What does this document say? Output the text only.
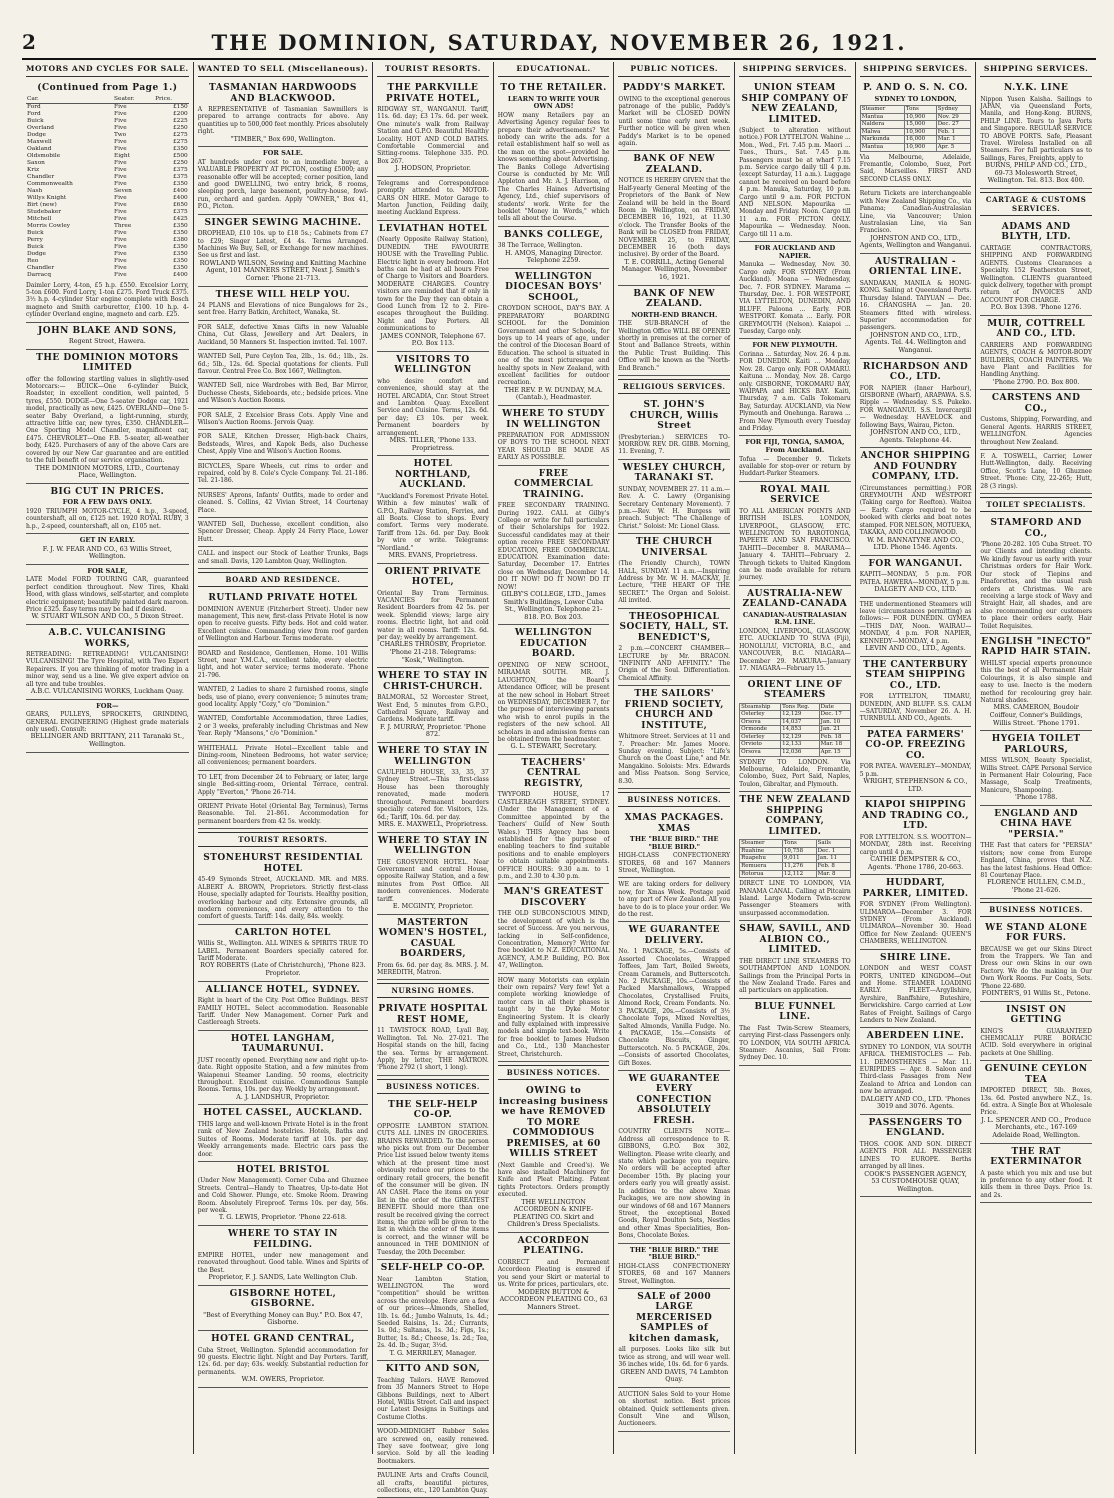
2	THE DOMINION, SATURDAY, NOVEMBER 26, 1921.
MOTORS AND CYCLES FOR SALE.
(Continued from Page 1.)
Car.	Seater.	Price.
Ford	Five	£150
Ford	Five	£200
Buick	Five	£225
Overland	Five	£250
Dodge	Two	£275
Maxwell	Five	£275
Oakland	Five	£350
Oldsmobile	Eight	£500
Saxon	Five	£250
Kriz	Five	£375
Chandler	Five	£375
Commonwealth	Five	£350
Nash	Seven	£400
Willys Knight	Five	£400
Birt (new)	Five	£650
Studebaker	Five	£375
Mitchell	Five	£425
Morris Cowley	Three	£350
Buick	Five	£350
Perry	Five	£380
Buick	Five	£350
Dodge	Five	£350
Reo	Five	£350
Chandler	Five	£350
Darracq	Five	£400
Daimler Lorry, 4-ton, £5 h.p. £550. Excelsior Lorry, 5-ton £600. Ford Lorry, 1-ton £275. Ford Truck £375. 3½ h.p. 4-cylinder Star engine complete with Bosch magneto and Smith carburettor, £100. 10 h.p. 4-cylinder Overland engine, magneto and carb. £25.
JOHN BLAKE AND SONS,
Regent Street, Hawera.
THE DOMINION MOTORS LIMITED
offer the following startling values in slightly-used Motorcars:— BUICK—One 6-cylinder Buick, Roadster, in excellent condition, well painted, 5 tyres, £550. DODGE—One 5-seater Dodge car, 1921 model, practically as new, £425. OVERLAND—One 5-seater Baby Overland, a light-running, sturdy, attractive little car, new tyres, £350. CHANDLER—One Sporting Model Chandler, magnificent car, £475. CHEVROLET—One F.B. 5-seater, all-weather body, £425. Purchasers of any of the above Cars are covered by our New Car guarantee and are entitled to the full benefit of our service organisation.
THE DOMINION MOTORS, LTD., Courtenay Place, Wellington.
BIG CUT IN PRICES.
FOR A FEW DAYS ONLY.
1920 TRIUMPH MOTOR-CYCLE, 4 h.p., 3-speed, countershaft, all on, £125 net. 1920 ROYAL RUBY, 3 h.p., 2-speed, countershaft, all on, £105 net.
GET IN EARLY.
F. J. W. FEAR AND CO., 63 Willis Street, Wellington.
FOR SALE,
LATE Model FORD TOURING CAR, guaranteed perfect condition throughout. New Tires, Khaki Hood, with glass windows, self-starter, and complete electric equipment; beautifully painted dark maroon. Price £325. Easy terms may be had if desired.
W. STUART WILSON AND CO., 5 Dixon Street.
A.B.C. VULCANISING WORKS,
RETREADING: RETREADING! VULCANISING! VULCANISING! The Tyre Hospital, with Two Expert Repairers. If you are thinking of motor trading in a minor way, send us a line. We give expert advice on all tyre and tube troubles.
A.B.C. VULCANISING WORKS, Luckham Quay.
FOR—
GEARS, PULLEYS, SPROCKETS, GRINDING, GENERAL ENGINEERING (Highest grade materials only used). Consult:
BELLINGER AND BRITTANY, 211 Taranaki St., Wellington.
WANTED TO SELL (Miscellaneous).
TASMANIAN HARDWOODS AND BLACKWOOD.
A REPRESENTATIVE of Tasmanian Sawmillers is prepared to arrange contracts for above. Any quantities up to 500,000 feet monthly. Prices absolutely right.
"TIMBER," Box 690, Wellington.
FOR SALE.
AT hundreds under cost to an immediate buyer, a VALUABLE PROPERTY AT PICTON, costing £5000; any reasonable offer will be accepted; corner position, land and good DWELLING, two entry brick, 8 rooms, sleeping porch, large basement, poultry-house, fowl-run, orchard and garden. Apply "OWNER," Box 41, P.O., Picton.
SINGER SEWING MACHINE.
DROPHEAD, £10 10s. up to £18 5s.; Cabinets from £7 to £29; Singer Latest, £4 4s. Terms Arranged. Machines We Buy, Sell, or Exchange for new machines. See us first and last.
ROWLAND WILSON, Sewing and Knitting Machine Agent, 101 MANNERS STREET, Next J. Smith's Corner. 'Phone 21-713.
THESE WILL HELP YOU.
24 PLANS and Elevations of nice Bungalows for 2s., sent free. Harry Batkin, Architect, Wanaka, St.
FOR SALE, defective Xmas Gifts in new Valuable China, Cut Glass, Jewellery and Art Dealers, in Auckland, 50 Manners St. Inspection invited. Tel. 1007.
WANTED Sell, Pure Ceylon Tea, 2lb., 1s. 6d.; 1lb., 2s. 6d.; 5lb., 12s. 6d. Special quotations for clients. Full flavour. Central Free Co. Box 1667, Wellington.
WANTED Sell, nice Wardrobes with Bed, Bar Mirror, Duchesse Chests, Sideboards, etc.; bedside prices. Vine and Wilson's Auction Rooms.
FOR SALE, 2 Excelsior Brass Cots. Apply Vine and Wilson's Auction Rooms. Jervois Quay.
FOR SALE, Kitchen Dresser, High-back Chairs, Bedsteads, Wires, and Kapok Beds, also Duchesse Chest, Apply Vine and Wilson's Auction Rooms.
BICYCLES, Spare Wheels, cut rims to order and repaired, cold by 8. Cole's Cycle Company. Tel. 21-186. Tel. 21-186.
NURSES' Aprons, Infants' Outfits, made to order and cleaned. S. Collins, 42 Vivian Street, 14 Courtenay Place.
WANTED Sell, Duchesse, excellent condition, also Spencer Dresser, Cheap. Apply 24 Ferry Place, Lower Hutt.
CALL and inspect our Stock of Leather Trunks, Bags and small. Davis, 120 Lambton Quay, Wellington.
BOARD AND RESIDENCE.
RUTLAND PRIVATE HOTEL
DOMINION AVENUE (Fitzherbert Street). Under new management, This new, first-class Private Hotel is now open to receive guests. Fifty beds. Hot and cold water. Excellent cuisine. Commanding view from roof garden of Wellington and Harbour. Terms moderate.
BOARD and Residence, Gentlemen, Home. 101 Willis Street, near Y.M.C.A., excellent table, every electric light, and hot water service; terms moderate. 'Phone 21-796.
WANTED, 2 Ladies to share 2 furnished rooms, single beds, use of piano, every convenience; 5 minutes tram; good locality. Apply "Cozy," c/o "Dominion."
WANTED, Comfortable Accommodation, three Ladies, 2 or 3 weeks, preferably including Christmas and New Year. Reply "Mansons," c/o "Dominion."
WHITEHALL Private Hotel—Excellent table and Dining-room, Nineteen Bedrooms, hot water service; all conveniences; permanent boarders.
TO LET, from December 24 to February, or later, large single Bed-sitting-room, Oriental Terrace, central. Apply "Everton," 'Phone 26-714.
ORIENT Private Hotel (Oriental Bay, Terminus), Terms Reasonable. Tel. 21-861. Accommodation for permanent boarders from 42 5s. weekly.
TOURIST RESORTS.
STONEHURST RESIDENTIAL HOTEL
45-49 Symonds Street, AUCKLAND. MR. and MRS. ALBERT A. BROWN, Proprietors. Strictly first-class House, specially adapted for Tourists. Healthy position, overlooking harbour and city. Extensive grounds, all modern conveniences, and every attention to the comfort of guests. Tariff: 14s. daily, 84s. weekly.
CARLTON HOTEL
Willis St., Wellington. ALL WINES & SPIRITS TRUE TO LABEL. Permanent Boarders specially catered for. Tariff Moderate.
ROY ROBERTS (Late of Christchurch), 'Phone 823. Proprietor.
ALLIANCE HOTEL, SYDNEY.
Right in heart of the City. Post Office Buildings. BEST FAMILY HOTEL. Select accommodation. Reasonable Tariff. Under New Management. Corner Park and Castlereagh Streets.
HOTEL LANGHAM, TAUMARUNUI.
JUST recently opened. Everything new and right up-to-date. Right opposite Station, and a few minutes from Waiapenui Steamer Landing. 50 rooms, electricity throughout. Excellent cuisine. Commodious Sample Rooms. Terms, 10s. per day. Weekly by arrangement.
A. J. LANDSHUR, Proprietor.
HOTEL CASSEL, AUCKLAND.
THIS large and well-known Private Hotel is in the front rank of New Zealand hostelries. Hotels, Baths and Suites of Rooms. Moderate tariff at 10s. per day. Weekly arrangements made. Electric cars pass the door.
HOTEL BRISTOL
(Under New Management). Corner Cuba and Ghuznee Streets. Central—Handy to Theatres, Up-to-date Hot and Cold Shower. Plunge, etc. Smoke Room. Drawing Room. Absolutely Fireproof. Terms 10s. per day, 56s. per week.
T. G. LEWIS, Proprietor. 'Phone 22-618.
WHERE TO STAY IN FEILDING.
EMPIRE HOTEL, under new management and renovated throughout. Good table. Wines and Spirits of the Best.
Proprietor, F. J. SANDS, Late Wellington Club.
GISBORNE HOTEL, GISBORNE.
"Best of Everything Money can Buy." P.O. Box 47, Gisborne.
HOTEL GRAND CENTRAL,
Cuba Street, Wellington. Splendid accommodation for 90 guests. Electric light. Night and Day Porters. Tariff, 12s. 6d. per day; 63s. weekly. Substantial reduction for permanents.
W.M. OWERS, Proprietor.
TOURIST RESORTS.
THE PARKVILLE PRIVATE HOTEL,
RIDGWAY ST., WANGANUI. Tariff, 11s. 6d. day; £3 17s. 6d. per week. One minute's walk from Railway Station and G.P.O. Beautiful Healthy Locality. HOT AND COLD BATHS. Comfortable Commercial and Sitting-rooms. Telephone 335. P.O. Box 267.
J. HODSON, Proprietor.
Telegrams and Correspondence promptly attended to. MOTOR-CARS ON HIRE. Motor Garage to Marton Junction, Feilding daily, meeting Auckland Express.
LEVIATHAN HOTEL
(Nearly Opposite Railway Station), DUNEDIN. THE FAVOURITE HOUSE with the Travelling Public. Electric light in every bedroom. Hot baths can be had at all hours Free of Charge to Visitors and Boarders. MODERATE CHARGES. Country visitors are reminded that if only in town for the Day they can obtain a Good Lunch from 12 to 2. Fire-escapes throughout the Building. Night and Day Porters. All communications to
JAMES CONNOR, Telephone 67. P.O. Box 113.
VISITORS TO WELLINGTON
who desire comfort and convenience, should stay at the HOTEL ARCADIA, Cnr. Stout Street and Lambton Quay. Excellent Service and Cuisine. Terms, 12s. 6d. per day; £3 10s. per week. Permanent boarders by arrangement.
MRS. TILLER, 'Phone 133. Proprietress.
HOTEL NORTHLAND, AUCKLAND.
"Auckland's Foremost Private Hotel. Within a few minutes' walk of G.P.O., Railway Station, Ferries, and all Boats. Close to shops. Every comfort. Terms very moderate. Tariff from 12s. 6d. per Day. Book by wire or write. Telegrams: "Nordland."
MRS. EVANS, Proprietress.
ORIENT PRIVATE HOTEL,
Oriental Bay Tram Terminus. VACANCIES for Permanent Resident Boarders from 42 5s. per week. Splendid views; large airy rooms. Electric light, hot and cold water in all rooms. Tariff: 12s. 6d. per day; weekly by arrangement.
CHARLES THROSBY, Proprietor. 'Phone 21-218. Telegrams: "Kosk," Wellington.
WHERE TO STAY IN CHRIST-CHURCH.
BALMORAL, 52 Worcester Street, West End, 5 minutes from G.P.O., Cathedral Square, Railway and Gardens. Moderate tariff.
F. J. MURRAY, Proprietor. 'Phone 872.
WHERE TO STAY IN WELLINGTON
CAULFIELD HOUSE, 33, 35, 37 Sydney Street.—This first-class House has been thoroughly renovated, made modern throughout. Permanent boarders specially catered for. Visitors, 12s. 6d.; Tariff, 10s. 6d. per day.
MRS. E. MAXWELL, Proprietress.
WHERE TO STAY IN WELLINGTON
THE GROSVENOR HOTEL. Near Government and central House, opposite Railway Station, and a few minutes from Post Office. All modern conveniences. Moderate tariff.
E. MCGINTY, Proprietor.
MASTERTON WOMEN'S HOSTEL, CASUAL BOARDERS,
From 6s. 6d. per day, 8s. MRS. J. M. MEREDITH, Matron.
NURSING HOMES.
PRIVATE HOSPITAL REST HOME,
11 TAVISTOCK ROAD, Lyall Bay, Wellington. Tel. No. 27-021. The Hospital stands on the hill, facing the sea. Terms by arrangement. Apply, by letter, THE MATRON. 'Phone 2792 (1 short, 1 long).
BUSINESS NOTICES.
THE SELF-HELP CO-OP.
OPPOSITE LAMBTON STATION. CUTS ALL LINES IN GROCERIES. BRAINS REWARDED. To the person who picks out from our December Price List issued below twenty items which at the present time most obviously reduce our prices to the ordinary retail grocers, the benefit of the consumer will be given. IN AN CASH. Place the items on your list in the order of the GREATEST BENEFIT. Should more than one result be received giving the correct items, the prize will be given to the list in which the order of the items is correct, and the winner will be announced in THE DOMINION of Tuesday, the 20th December.
SELF-HELP CO-OP.
Near Lambton Station, WELLINGTON. The word "competition" should be written across the envelope. Here are a few of our prices—Almonds, Shelled, 1lb. 1s. 6d.; Jumbo Walnuts, 1s. 4d.; Seeded Raisins, 1s. 2d.; Currants, 1s. 0d.; Sultanas, 1s. 3d.; Figs, 1s.; Butter, 1s. 8d.; Cheese, 1s. 2d.; Tea, 2s. 4d. lb.; Sugar, 3½d.
T. G. MERRILEY, Manager.
KITTO AND SON,
Teaching Tailors. HAVE Removed from 35 Manners Street to Hope Gibbons Buildings, next to Albert Hotel, Willis Street. Call and inspect our Latest Designs in Suitings and Costume Cloths.
WOOD-MIDNIGHT Rubber Soles are screwed on, easily renewed. They save footwear, give long service. Sold by all the leading Bootmakers.
PAULINE Arts and Crafts Council, all crafts, beautiful pictures, collections, etc., 120 Lambton Quay.
EDUCATIONAL.
TO THE RETAILER.
LEARN TO WRITE YOUR OWN ADS!
HOW many Retailers pay an Advertising Agency regular fees to prepare their advertisements? Yet nobody can write the ads. for a retail establishment half so well as the man on the spot—provided he knows something about Advertising. The Banks College Advertising Course is conducted by Mr. Will Appleton and Mr. A. J. Harrison, of The Charles Haines Advertising Agency, Ltd., chief supervisors of students' work. Write for the booklet "Money in Words," which tells all about the Course.
BANKS COLLEGE,
38 The Terrace, Wellington.
H. AMOS, Managing Director. Telephone 2259.
WELLINGTON DIOCESAN BOYS' SCHOOL,
CROYDON SCHOOL, DAY'S BAY. A PREPARATORY BOARDING SCHOOL for the Dominion Government and other Schools, for boys up to 14 years of age, under the control of the Diocesan Board of Education. The school is situated in one of the most picturesque and healthy spots in New Zealand, with excellent facilities for outdoor recreation.
THE REV. P. W. DUNDAY, M.A. (Cantab.), Headmaster.
WHERE TO STUDY IN WELLINGTON
PREPARATION FOR ADMISSION OF BOYS TO THE SCHOOL NEXT YEAR SHOULD BE MADE AS EARLY AS POSSIBLE.
FREE COMMERCIAL TRAINING.
FREE SECONDARY TRAINING. During 1922. CALL at Gilby's College or write for full particulars of their Scholarships for 1922. Successful candidates may at their option receive FREE SECONDARY EDUCATION, FREE COMMERCIAL EDUCATION. Examination date: Saturday, December 17. Entries close on Wednesday, December 14. DO IT NOW! DO IT NOW! DO IT NOW!
GILBY'S COLLEGE, LTD., James Smith's Buildings, Lower Cuba St., Wellington. Telephone 21-818. P.O. Box 203.
WELLINGTON EDUCATION BOARD.
OPENING OF NEW SCHOOL, MIRAMAR SOUTH. MR. J. LAUGHTON, the Board's Attendance Officer, will be present at the new school in Hobart Street on WEDNESDAY, DECEMBER 7, for the purpose of interviewing parents who wish to enrol pupils in the registers of the new school. All scholars in and admission forms can be obtained from the headmaster.
G. L. STEWART, Secretary.
TEACHERS' CENTRAL REGISTRY,
TWYFORD HOUSE, 17 CASTLEREAGH STREET, SYDNEY. (Under the Management of a Committee appointed by the Teachers' Guild of New South Wales.) THIS Agency has been established for the purpose of enabling teachers to find suitable positions and to enable employers to obtain suitable appointments. OFFICE HOURS: 9.30 a.m. to 1 p.m., and 2.30 to 4.30 p.m.
MAN'S GREATEST DISCOVERY
THE OLD SUBCONSCIOUS MIND, the development of which is the secret of Success. Are you nervous, lacking in Self-confidence, Concentration, Memory? Write for free booklet to N.Z. EDUCATIONAL AGENCY, A.M.P. Building, P.O. Box 47, Wellington.
HOW many Motorists can explain their own repairs? Very few! Yet a complete working knowledge of motor cars in all their phases is taught by the Dyke Motor Engineering System. It is clearly and fully explained with impressive models and simple text-book. Write for free booklet to James Hudson and Co., Ltd., 130 Manchester Street, Christchurch.
BUSINESS NOTICES.
OWING to increasing business we have REMOVED TO MORE COMMODIOUS PREMISES, at 60 WILLIS STREET
(Next Gamble and Creed's). We have also installed Machinery for Knife and Pleat Plaiting. Patent tights Protectors. Orders promptly executed.
THE WELLINGTON ACCORDEON & KNIFE-PLEATING CO. Skirt and Children's Dress Specialists.
ACCORDEON PLEATING.
CORRECT and Permanent Accordeon Pleating is ensured if you send your Skirt or material to us. Write for prices, particulars, etc.
MODERN BUTTON & ACCORDEON PLEATING CO., 63 Manners Street.
PUBLIC NOTICES.
PADDY'S MARKET.
OWING to the exceptional generous patronage of the public, Paddy's Market will be CLOSED DOWN until some time early next week. Further notice will be given when Paddy's Market is to be opened again.
BANK OF NEW ZEALAND.
NOTICE IS HEREBY GIVEN that the Half-yearly General Meeting of the Proprietors of the Bank of New Zealand will be held in the Board Room in Wellington, on FRIDAY, DECEMBER 16, 1921, at 11.30 o'clock. The Transfer Books of the Bank will be CLOSED from FRIDAY, NOVEMBER 25, to FRIDAY, DECEMBER 16 (both days inclusive). By order of the Board.
T. E. CORRILL, Acting General Manager. Wellington, November 16, 1921.
BANK OF NEW ZEALAND.
NORTH-END BRANCH.
THE SUB-BRANCH of the Wellington Office WILL BE OPENED shortly in premises at the corner of Stout and Ballance Streets, within the Public Trust Building. This Office will be known as the "North-End Branch."
RELIGIOUS SERVICES.
ST. JOHN'S CHURCH, Willis Street
(Presbyterian.) SERVICES TO-MORROW. REV. DR. GIBB. Morning, 11. Evening, 7.
WESLEY CHURCH, TARANAKI ST.
SUNDAY, NOVEMBER 27. 11 a.m.—Rev. A. C. Lawry (Organising Secretary Centenary Movement). 7 p.m.—Rev. W. H. Burgess will preach. Subject: "The Challenge of Christ." Soloist: Mr. Lionel Glass.
THE CHURCH UNIVERSAL
(The Friendly Church), TOWN HALL, SUNDAY. 11 a.m.—Inspiring Address by Mr. W. H. MACKAY, Jr. Lecture, "THE HEART OF THE SECRET." The Organ and Soloist. All invited.
THEOSOPHICAL SOCIETY, HALL, ST. BENEDICT'S,
2 p.m.—CONCERT CHAMBER—LECTURE by Mr. BRACON. "INFINITY AND AFFINITY." The Origin of the Soul. Differentiation. Chemical Affinity.
THE SAILORS' FRIEND SOCIETY, CHURCH AND INSTITUTE,
Whitmore Street. Services at 11 and 7. Preacher: Mr. James Moore. Sunday evening. Subject: "Life's Church on the Coast Line," and Mr. Mangakino. Soloists: Mrs. Edwards and Miss Peatson. Song Service, 8.30.
BUSINESS NOTICES.
XMAS PACKAGES. XMAS
THE "BLUE BIRD." THE "BLUE BIRD."
HIGH-CLASS CONFECTIONERY STORES, 68 and 167 Manners Street, Wellington.
WE are taking orders for delivery now, for Xmas Week. Postage paid to any part of New Zealand. All you have to do is to place your order. We do the rest.
WE GUARANTEE DELIVERY.
No. 1 PACKAGE, 5s.—Consists of Assorted Chocolates, Wrapped Toffees, Jam Tart, Boiled Sweets, Cream Caramels, and Butterscotch. No. 2 PACKAGE, 10s.—Consists of Packed Marshmallows, Wrapped Chocolates, Crystallised Fruits, Almond Rock, Cream Fondants. No. 3 PACKAGE, 20s.—Consists of 3½ Chocolate Tops, Mixed Novelties, Salted Almonds, Vanilla Fudge. No. 4 PACKAGE, 15s.—Consists of Chocolate Biscuits, Ginger, Butterscotch. No. 5 PACKAGE, 20s.—Consists of assorted Chocolates, Gift Boxes.
WE GUARANTEE EVERY CONFECTION ABSOLUTELY FRESH.
COUNTRY CLIENTS NOTE—Address all correspondence to R. GIBBONS, G.P.O. Box 302, Wellington. Please write clearly, and state which package you require. No orders will be accepted after December 15th. By placing your orders early you will greatly assist. In addition to the above Xmas Packages, we are now showing in our windows of 68 and 167 Manners Street, the exceptional Boxed Goods, Royal Doulton Sets, Nestles and other Xmas Specialities, Bon-Bons, Chocolate Boxes.
THE "BLUE BIRD." THE "BLUE BIRD."
HIGH-CLASS CONFECTIONERY STORES, 68 and 167 Manners Street, Wellington.
SALE of 2000 LARGE MERCERISED SAMPLES of kitchen damask,
all purposes. Looks like silk but twice as strong, and will wear well. 36 inches wide, 10s. 6d. for 6 yards.
GREEN AND DAVIS, 74 Lambton Quay.
AUCTION Sales Sold to your Home on shortest notice. Best prices obtained. Quick settlements given. Consult Vine and Wilson, Auctioneers.
SHIPPING SERVICES.
UNION STEAM SHIP COMPANY OF NEW ZEALAND, LIMITED.
(Subject to alteration without notice.) FOR LYTTELTON. Wahine ... Mon., Wed., Fri. 7.45 p.m. Maori ... Tues., Thurs., Sat. 7.45 p.m. Passengers must be at wharf 7.15 p.m. Service cargo daily till 4 p.m. (except Saturday, 11 a.m.). Luggage cannot be received on board before 4 p.m. Manuka, Saturday, 10 p.m. Cargo until 9 a.m. FOR PICTON AND NELSON. Mapourika — Monday and Friday. Noon. Cargo till 11 a.m. FOR PICTON ONLY. Mapourika — Wednesday. Noon. Cargo till 11 a.m.
FOR AUCKLAND AND NAPIER.
Manuka — Wednesday, Nov. 30. Cargo only. FOR SYDNEY (From Auckland). Moana — Wednesday, Dec. 7. FOR SYDNEY. Marama — Thursday, Dec. 1. FOR WESTPORT, VIA LYTTELTON, DUNEDIN, AND BLUFF. Paloona ... Early. FOR WESTPORT. Komata ... Early. FOR GREYMOUTH (Nelson). Kaiapoi ... Tuesday, Cargo only.
FOR NEW PLYMOUTH.
Corinna ... Saturday, Nov. 26. 4 p.m. FOR DUNEDIN. Kaiti ... Monday, Nov. 28. Cargo only. FOR OAMARU. Kaituna ... Monday, Nov. 28. Cargo only. GISBORNE, TOKOMARU BAY, WAIPAPA and HICKS BAY. Kaiti, Thursday, 7 a.m. Calls Tokomaru Bay, Saturday. AUCKLAND, via New Plymouth and Onehunga. Rarawa ... From New Plymouth every Tuesday and Friday.
FOR FIJI, TONGA, SAMOA, From Auckland.
Tofua — December 9. Tickets available for stop-over or return by Huddart-Parker Steamers.
ROYAL MAIL SERVICE
TO ALL AMERICAN POINTS AND BRITISH ISLES. LONDON, LIVERPOOL, GLASGOW, ETC. WELLINGTON TO RAROTONGA, PAPEETE AND SAN FRANCISCO. TAHITI—December 8. MARAMA—January 4. TAHITI—February 2. Through tickets to United Kingdom can be made available for return journey.
AUSTRALIA-NEW ZEALAND-CANADA
CANADIAN-AUSTRALASIAN R.M. LINE.
LONDON, LIVERPOOL, GLASGOW, ETC. AUCKLAND TO SUVA (Fiji), HONOLULU, VICTORIA, B.C., and VANCOUVER, B.C. NIAGARA—December 29. MAKURA—January 17. NIAGARA—February 15.
ORIENT LINE OF STEAMERS
Steamship	Tons Reg.	Date
Osterley	12,129	Dec. 17
Orsova	14,037	Jan. 10
Ormonde	14,853	Jan. 21
Osterley	12,129	Feb. 18
Orvieto	12,133	Mar. 18
Orsova	12,036	Apr. 15
SYDNEY TO LONDON. Via Melbourne, Adelaide, Fremantle, Colombo, Suez, Port Said, Naples, Toulon, Gibraltar, and Plymouth.
THE NEW ZEALAND SHIPPING COMPANY, LIMITED.
Steamer	Tons	Sails
Ruahine	10,758	Dec. 1
Ruapehu	9,011	Jan. 11
Remuera	11,276	Feb. 8
Rotorua	12,112	Mar. 8
DIRECT LINE TO LONDON, VIA PANAMA CANAL. Calling at Pitcairn Island. Large Modern Twin-screw Passenger Steamers with unsurpassed accommodation.
SHAW, SAVILL, AND ALBION CO., LIMITED.
THE DIRECT LINE STEAMERS TO SOUTHAMPTON AND LONDON. Sailings from the Principal Ports in the New Zealand Trade. Fares and all particulars on application.
BLUE FUNNEL LINE.
The Fast Twin-Screw Steamers, carrying First-class Passengers only. TO LONDON, VIA SOUTH AFRICA. Steamer: Ascanius, Sail From: Sydney Dec. 10.
SHIPPING SERVICES.
P. AND O. S. N. CO.
SYDNEY TO LONDON,
Steamer	Tons	Sydney
Mantua	10,900	Nov. 29
Naldera	15,000	Dec. 27
Malwa	10,900	Feb. 1
Narkunda	16,000	Mar. 1
Mantua	10,900	Apr. 5
Via Melbourne, Adelaide, Fremantle, Colombo, Suez, Port Said, Marseilles. FIRST AND SECOND CLASS ONLY.
Return Tickets are interchangeable with New Zealand Shipping Co., via Panama; Canadian-Australasian Line, via Vancouver; Union Australasian Line, via San Francisco.
JOHNSTON AND CO., LTD., Agents, Wellington and Wanganui.
AUSTRALIAN - ORIENTAL LINE.
SANDAKAN, MANILA & HONG-KONG. Sailing at Queensland Ports. Thursday Island. TAIYUAN — Dec. 16. CHANGSHA — Jan. 20. Steamers fitted with wireless. Superior accommodation for passengers.
JOHNSTON AND CO., LTD., Agents. Tel. 44. Wellington and Wanganui.
RICHARDSON AND CO., LTD.
FOR NAPIER (Inner Harbour), GISBORNE (Wharf), ARAPAWA. S.S. Ripple — Wednesday. S.S. Pukeko. FOR WANGANUI. S.S. Invercargill — Wednesday. HAVELOCK and following Bays, Wairau, Picton.
JOHNSTON AND CO., LTD., Agents. Telephone 44.
ANCHOR SHIPPING AND FOUNDRY COMPANY, LTD.
(Circumstances permitting.) FOR GREYMOUTH AND WESTPORT (Taking cargo for Reefton). Waitoa — Early. Cargo required to be booked with clerks and boat notes stamped. FOR NELSON, MOTUEKA, TAKAKA, AND COLLINGWOOD.
W. M. BANNATYNE AND CO., LTD. Phone 1546. Agents.
FOR WANGANUI.
KAPITI—MONDAY, 5 p.m. FOR PATEA. HAWERA—MONDAY, 5 p.m.
DALGETY AND CO., LTD.
THE undermentioned Steamers will leave (circumstances permitting) as follows:— FOR DUNEDIN. GYMEA—THIS DAY, Noon. WAIRAU—MONDAY, 4 p.m. FOR NAPIER, KENNEDY—MONDAY, 4 p.m.
LEVIN AND CO., LTD., Agents.
THE CANTERBURY STEAM SHIPPING CO., LTD.
FOR LYTTELTON, TIMARU, DUNEDIN, AND BLUFF. S.S. CALM—SATURDAY, November 26. A. H. TURNBULL AND CO., Agents.
PATEA FARMERS' CO-OP. FREEZING CO.
FOR PATEA. WAVERLEY—MONDAY, 5 p.m.
WRIGHT, STEPHENSON & CO., LTD.
KIAPOI SHIPPING AND TRADING CO., LTD.
FOR LYTTELTON. S.S. WOOTTON—MONDAY, 28th inst. Receiving cargo until 4 p.m.
CATHIE DEMPSTER & CO., Agents. 'Phone 1786, 20-663.
HUDDART, PARKER, LIMITED.
FOR SYDNEY (From Wellington). ULIMAROA—December 3. FOR SYDNEY (From Auckland). ULIMAROA—November 30. Head Office for New Zealand: QUEEN'S CHAMBERS, WELLINGTON.
SHIRE LINE.
LONDON and WEST COAST PORTS, UNITED KINGDOM—Out and Home. STEAMER LOADING EARLY. FLEET—Argyllshire, Ayrshire, Banffshire, Buteshire, Berwickshire. Cargo carried at Low Rates of Freight. Sailings of Cargo Lenders to New Zealand.
ABERDEEN LINE.
SYDNEY TO LONDON, VIA SOUTH AFRICA. THEMISTOCLES — Feb. 11. DEMOSTHENES — Mar. 11. EURIPIDES — Apr. 8. Saloon and Third-class Passages from New Zealand to Africa and London can now be arranged.
DALGETY AND CO., LTD. 'Phones 3019 and 3076. Agents.
PASSENGERS TO ENGLAND.
THOS. COOK AND SON. DIRECT AGENTS FOR ALL PASSENGER LINES TO EUROPE. Berths arranged by all lines.
COOK'S PASSENGER AGENCY, 53 CUSTOMHOUSE QUAY, Wellington.
SHIPPING SERVICES.
N.Y.K. LINE
Nippon Yusen Kaisha. Sailings to JAPAN, via Queensland Ports, Manila, and Hong-Kong. BURNS, PHILP LINE. Tours to Java Ports and Singapore. REGULAR SERVICE TO ABOVE PORTS. Safe, Pleasant Travel. Wireless Installed on all Steamers. For full particulars as to Sailings, Fares, Freights, apply to
BURNS, PHILP AND CO., LTD., 69-73 Molesworth Street, Wellington. Tel. 813. Box 400.
CARTAGE & CUSTOMS SERVICES.
ADAMS AND BLYTH, LTD.
CARTAGE CONTRACTORS, SHIPPING AND FORWARDING AGENTS. Customs Clearances a Specialty. 152 Featherston Street, Wellington. CLIENTS guaranteed quick delivery, together with prompt return of INVOICES AND ACCOUNT FOR CHARGE.
P.O. Box 1398. 'Phone 1276.
MUIR, COTTRELL AND CO., LTD.
CARRIERS AND FORWARDING AGENTS, COACH & MOTOR-BODY BUILDERS, COACH PAINTERS. We have Plant and Facilities for Handling Anything.
'Phone 2790. P.O. Box 800.
CARSTENS AND CO.,
Customs, Shipping, Forwarding, and General Agents. HARRIS STREET, WELLINGTON. Agencies throughout New Zealand.
F. A. TOSWELL, Carrier, Lower Hutt-Wellington, daily. Receiving Office, Scott's Lane, 10 Ghuznee Street. 'Phone: City, 22-265; Hutt, 28 (3 rings).
TOILET SPECIALISTS.
STAMFORD AND CO.,
'Phone 20-282. 105 Cuba Street. TO our Clients and intending clients. We kindly favour us early with your Christmas orders for Hair Work. Our stock of Tiepins and Pinaforettes, and the usual rush orders at Christmas. We are receiving a large stock of Wavy and Straight Hair, all shades, and are also recommending our customers to place their orders early. Hair Toilet Requisites.
ENGLISH "INECTO" RAPID HAIR STAIN.
WHILST special experts pronounce this the best of all Permanent Hair Colourings, it is also simple and easy to use. Inecto is the modern method for recolouring grey hair. Natural shades.
MRS. CAMERON, Boudoir Coiffeur, Conner's Buildings, Willis Street. 'Phone 1791.
HYGEIA TOILET PARLOURS,
MISS WILSON, Beauty Specialist, Willis Street. CAPE Personal Service in Permanent Hair Colouring, Face Massage, Scalp Treatments, Manicure, Shampooing.
'Phone 1788.
ENGLAND AND CHINA HAVE "PERSIA."
THE Fast that caters for "PERSIA" visitors; now come from Europe England, China, proves that N.Z. has the latest fashions. Head Office: 81 Courtenay Place.
FLORENCE HULLEN, C.M.D., 'Phone 21-626.
BUSINESS NOTICES.
WE STAND ALONE FOR FURS.
BECAUSE we get our Skins Direct from the Trappers. We Tan and Dress our own Skins in our own Factory. We do the making in Our Own Work Rooms. Fur Coats, Sets. 'Phone 22-680.
FOINTER'S, 91 Willis St., Petone.
INSIST ON GETTING
KING'S GUARANTEED CHEMICALLY PURE BORACIC ACID. Sold everywhere in original packets at One Shilling.
GENUINE CEYLON TEA
IMPORTED DIRECT, 5lb. Boxes, 13s. 6d. Posted anywhere N.Z., 1s. 6d. extra. A Single Box at Wholesale Price.
J. L. SPENCER AND CO., Produce Merchants, etc., 167-169 Adelaide Road, Wellington.
THE RAT EXTERMINATOR
A paste which you mix and use but in preference to any other food. It kills them in three Days. Price 1s. and 2s.
